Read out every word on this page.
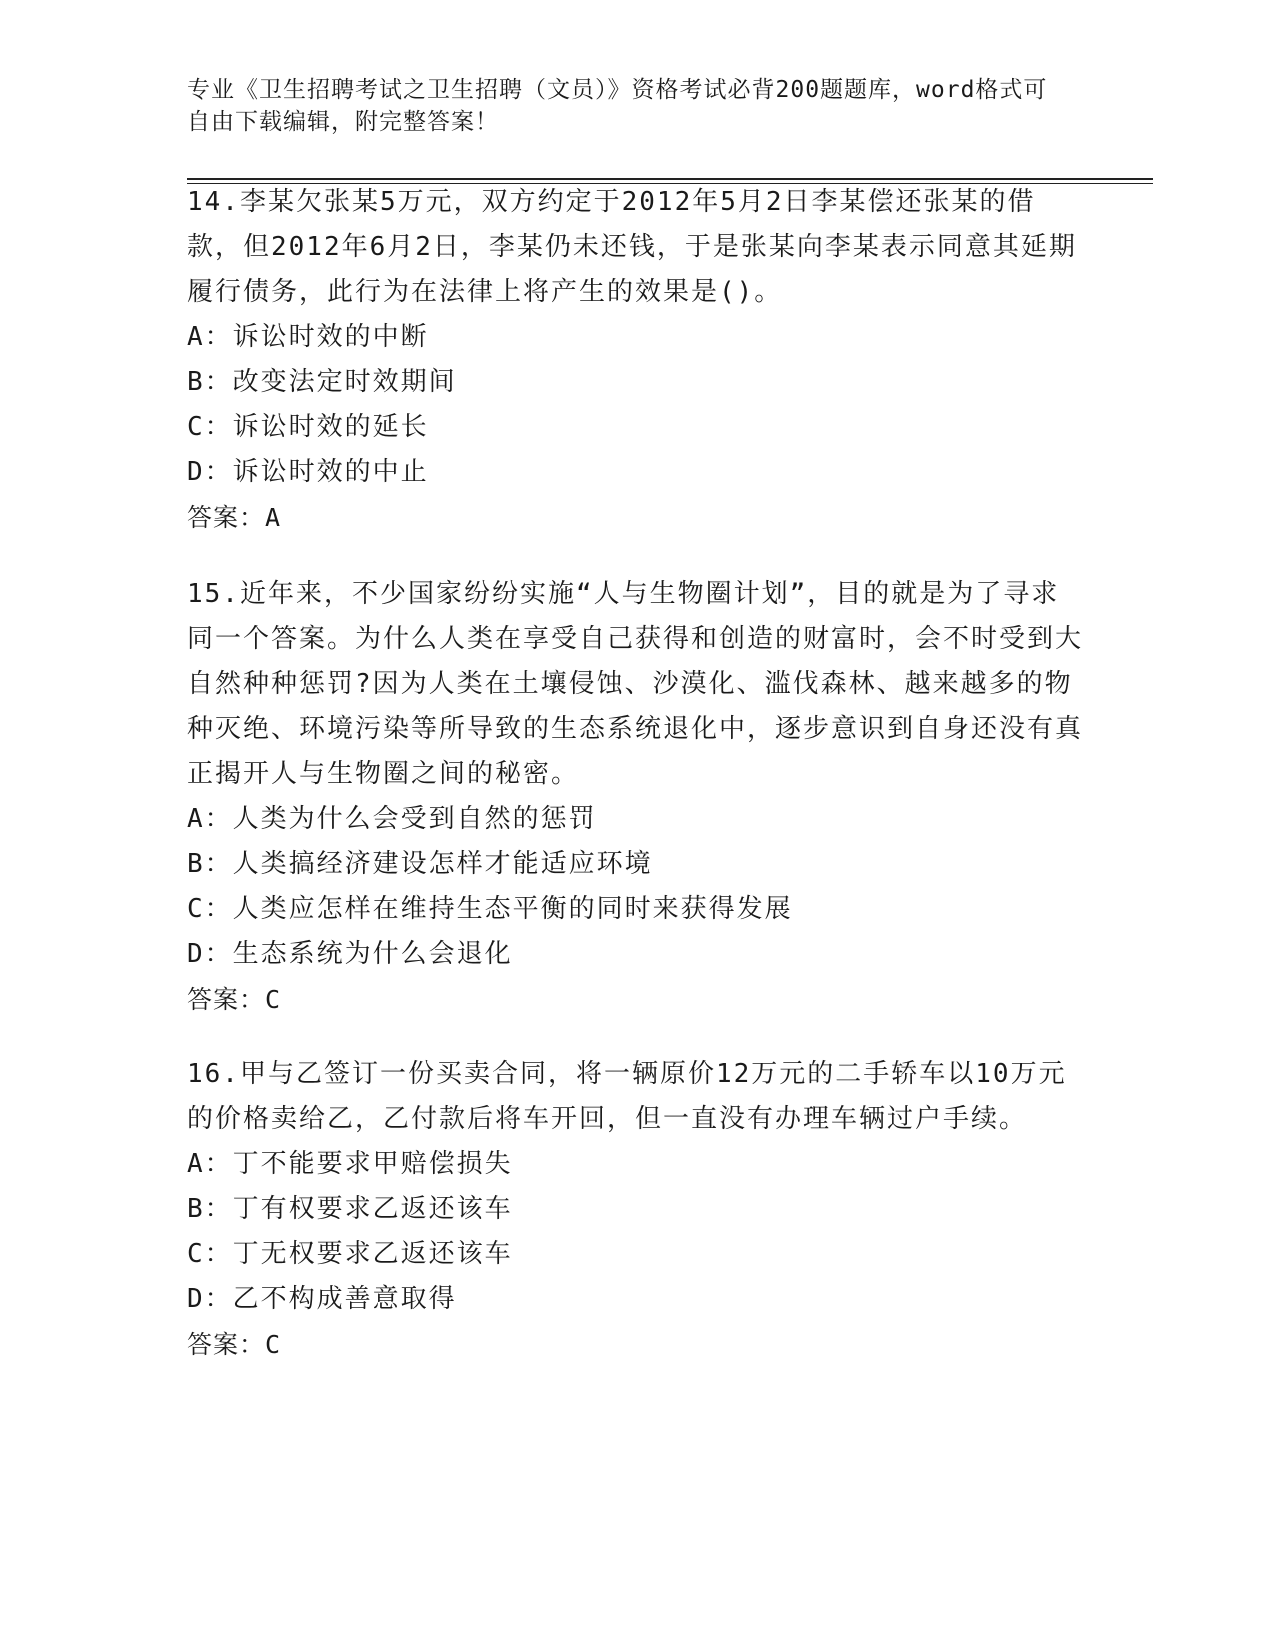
专业《卫生招聘考试之卫生招聘（文员）》资格考试必背200题题库，word格式可自由下载编辑，附完整答案！

14.李某欠张某5万元，双方约定于2012年5月2日李某偿还张某的借款，但2012年6月2日，李某仍未还钱，于是张某向李某表示同意其延期履行债务，此行为在法律上将产生的效果是()。

A：诉讼时效的中断

B：改变法定时效期间

C：诉讼时效的延长

D：诉讼时效的中止

答案：A

15.近年来，不少国家纷纷实施“人与生物圈计划”，目的就是为了寻求同一个答案。为什么人类在享受自己获得和创造的财富时，会不时受到大自然种种惩罚?因为人类在土壤侵蚀、沙漠化、滥伐森林、越来越多的物种灭绝、环境污染等所导致的生态系统退化中，逐步意识到自身还没有真正揭开人与生物圈之间的秘密。

A：人类为什么会受到自然的惩罚

B：人类搞经济建设怎样才能适应环境

C：人类应怎样在维持生态平衡的同时来获得发展

D：生态系统为什么会退化

答案：C

16.甲与乙签订一份买卖合同，将一辆原价12万元的二手轿车以10万元的价格卖给乙，乙付款后将车开回，但一直没有办理车辆过户手续。

A：丁不能要求甲赔偿损失

B：丁有权要求乙返还该车

C：丁无权要求乙返还该车

D：乙不构成善意取得

答案：C
